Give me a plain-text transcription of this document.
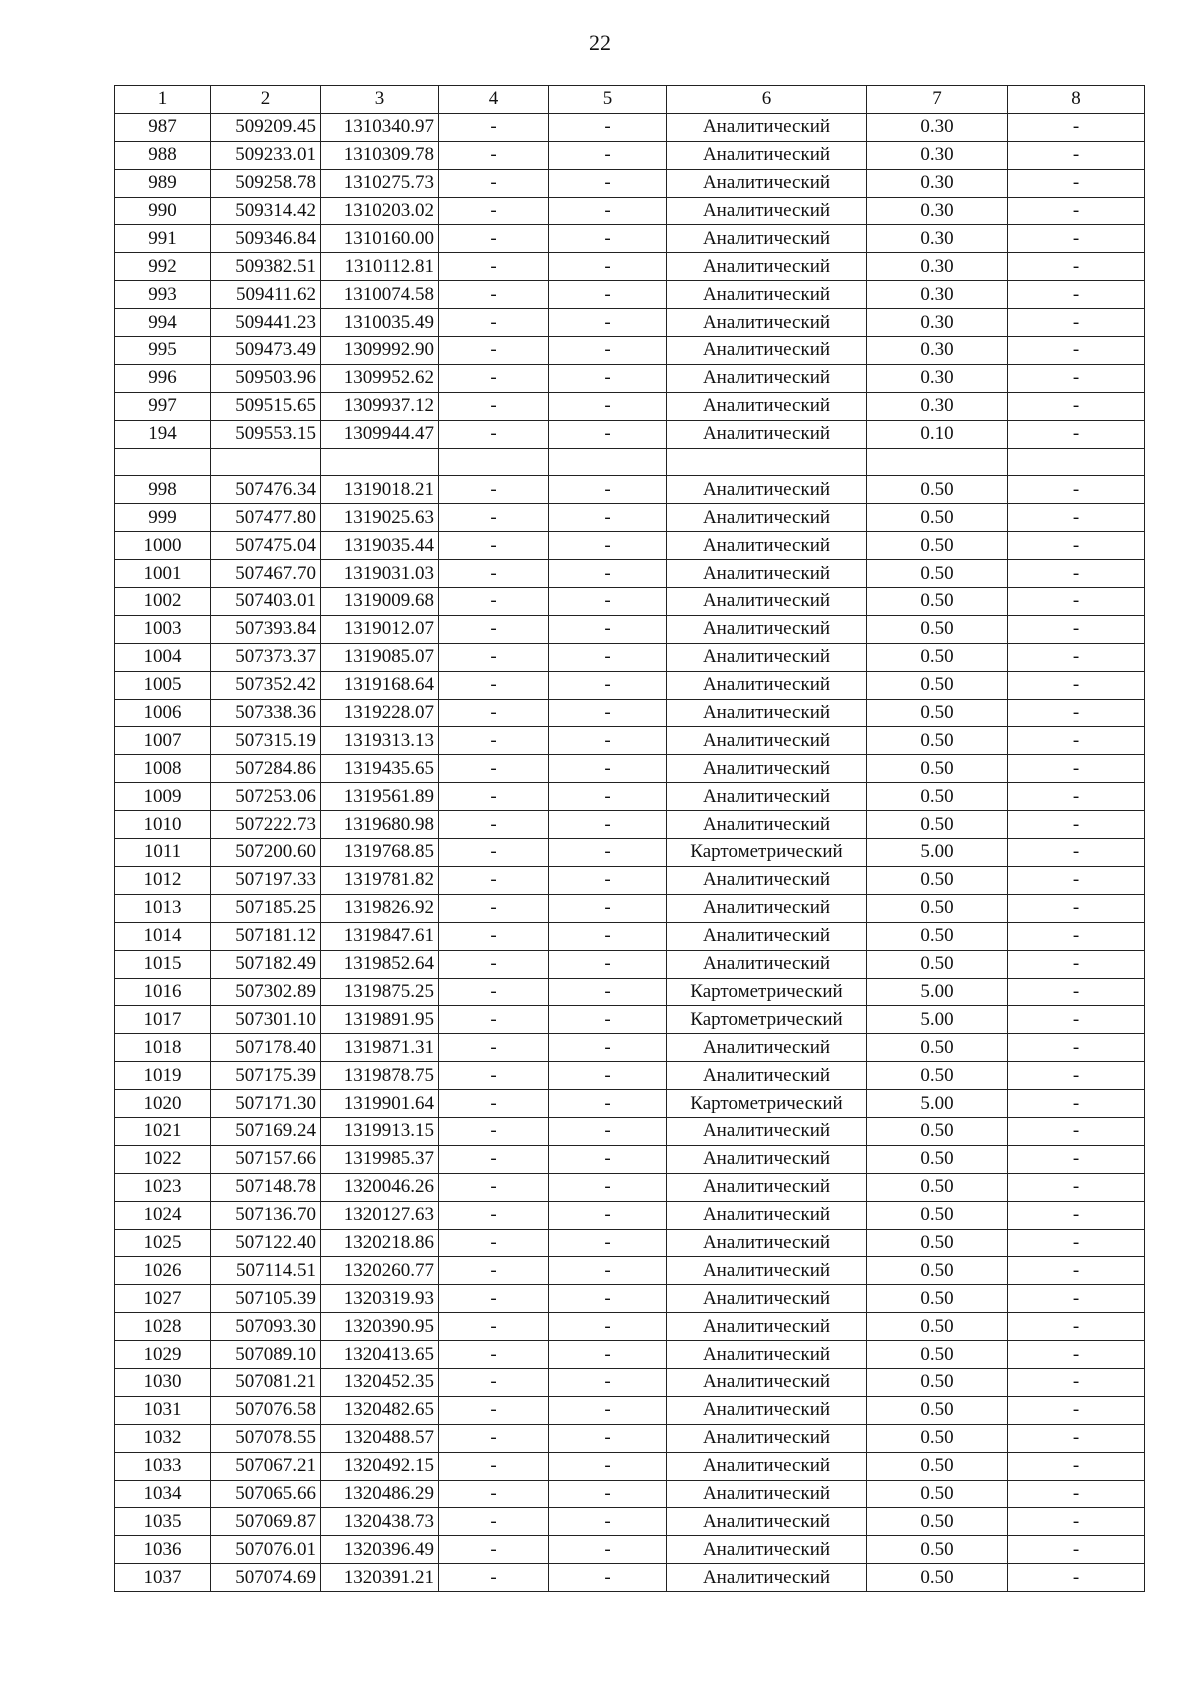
22
1	2	3	4	5	6	7	8
987	509209.45	1310340.97	-	-	Аналитический	0.30	-
988	509233.01	1310309.78	-	-	Аналитический	0.30	-
989	509258.78	1310275.73	-	-	Аналитический	0.30	-
990	509314.42	1310203.02	-	-	Аналитический	0.30	-
991	509346.84	1310160.00	-	-	Аналитический	0.30	-
992	509382.51	1310112.81	-	-	Аналитический	0.30	-
993	509411.62	1310074.58	-	-	Аналитический	0.30	-
994	509441.23	1310035.49	-	-	Аналитический	0.30	-
995	509473.49	1309992.90	-	-	Аналитический	0.30	-
996	509503.96	1309952.62	-	-	Аналитический	0.30	-
997	509515.65	1309937.12	-	-	Аналитический	0.30	-
194	509553.15	1309944.47	-	-	Аналитический	0.10	-

998	507476.34	1319018.21	-	-	Аналитический	0.50	-
999	507477.80	1319025.63	-	-	Аналитический	0.50	-
1000	507475.04	1319035.44	-	-	Аналитический	0.50	-
1001	507467.70	1319031.03	-	-	Аналитический	0.50	-
1002	507403.01	1319009.68	-	-	Аналитический	0.50	-
1003	507393.84	1319012.07	-	-	Аналитический	0.50	-
1004	507373.37	1319085.07	-	-	Аналитический	0.50	-
1005	507352.42	1319168.64	-	-	Аналитический	0.50	-
1006	507338.36	1319228.07	-	-	Аналитический	0.50	-
1007	507315.19	1319313.13	-	-	Аналитический	0.50	-
1008	507284.86	1319435.65	-	-	Аналитический	0.50	-
1009	507253.06	1319561.89	-	-	Аналитический	0.50	-
1010	507222.73	1319680.98	-	-	Аналитический	0.50	-
1011	507200.60	1319768.85	-	-	Картометрический	5.00	-
1012	507197.33	1319781.82	-	-	Аналитический	0.50	-
1013	507185.25	1319826.92	-	-	Аналитический	0.50	-
1014	507181.12	1319847.61	-	-	Аналитический	0.50	-
1015	507182.49	1319852.64	-	-	Аналитический	0.50	-
1016	507302.89	1319875.25	-	-	Картометрический	5.00	-
1017	507301.10	1319891.95	-	-	Картометрический	5.00	-
1018	507178.40	1319871.31	-	-	Аналитический	0.50	-
1019	507175.39	1319878.75	-	-	Аналитический	0.50	-
1020	507171.30	1319901.64	-	-	Картометрический	5.00	-
1021	507169.24	1319913.15	-	-	Аналитический	0.50	-
1022	507157.66	1319985.37	-	-	Аналитический	0.50	-
1023	507148.78	1320046.26	-	-	Аналитический	0.50	-
1024	507136.70	1320127.63	-	-	Аналитический	0.50	-
1025	507122.40	1320218.86	-	-	Аналитический	0.50	-
1026	507114.51	1320260.77	-	-	Аналитический	0.50	-
1027	507105.39	1320319.93	-	-	Аналитический	0.50	-
1028	507093.30	1320390.95	-	-	Аналитический	0.50	-
1029	507089.10	1320413.65	-	-	Аналитический	0.50	-
1030	507081.21	1320452.35	-	-	Аналитический	0.50	-
1031	507076.58	1320482.65	-	-	Аналитический	0.50	-
1032	507078.55	1320488.57	-	-	Аналитический	0.50	-
1033	507067.21	1320492.15	-	-	Аналитический	0.50	-
1034	507065.66	1320486.29	-	-	Аналитический	0.50	-
1035	507069.87	1320438.73	-	-	Аналитический	0.50	-
1036	507076.01	1320396.49	-	-	Аналитический	0.50	-
1037	507074.69	1320391.21	-	-	Аналитический	0.50	-
